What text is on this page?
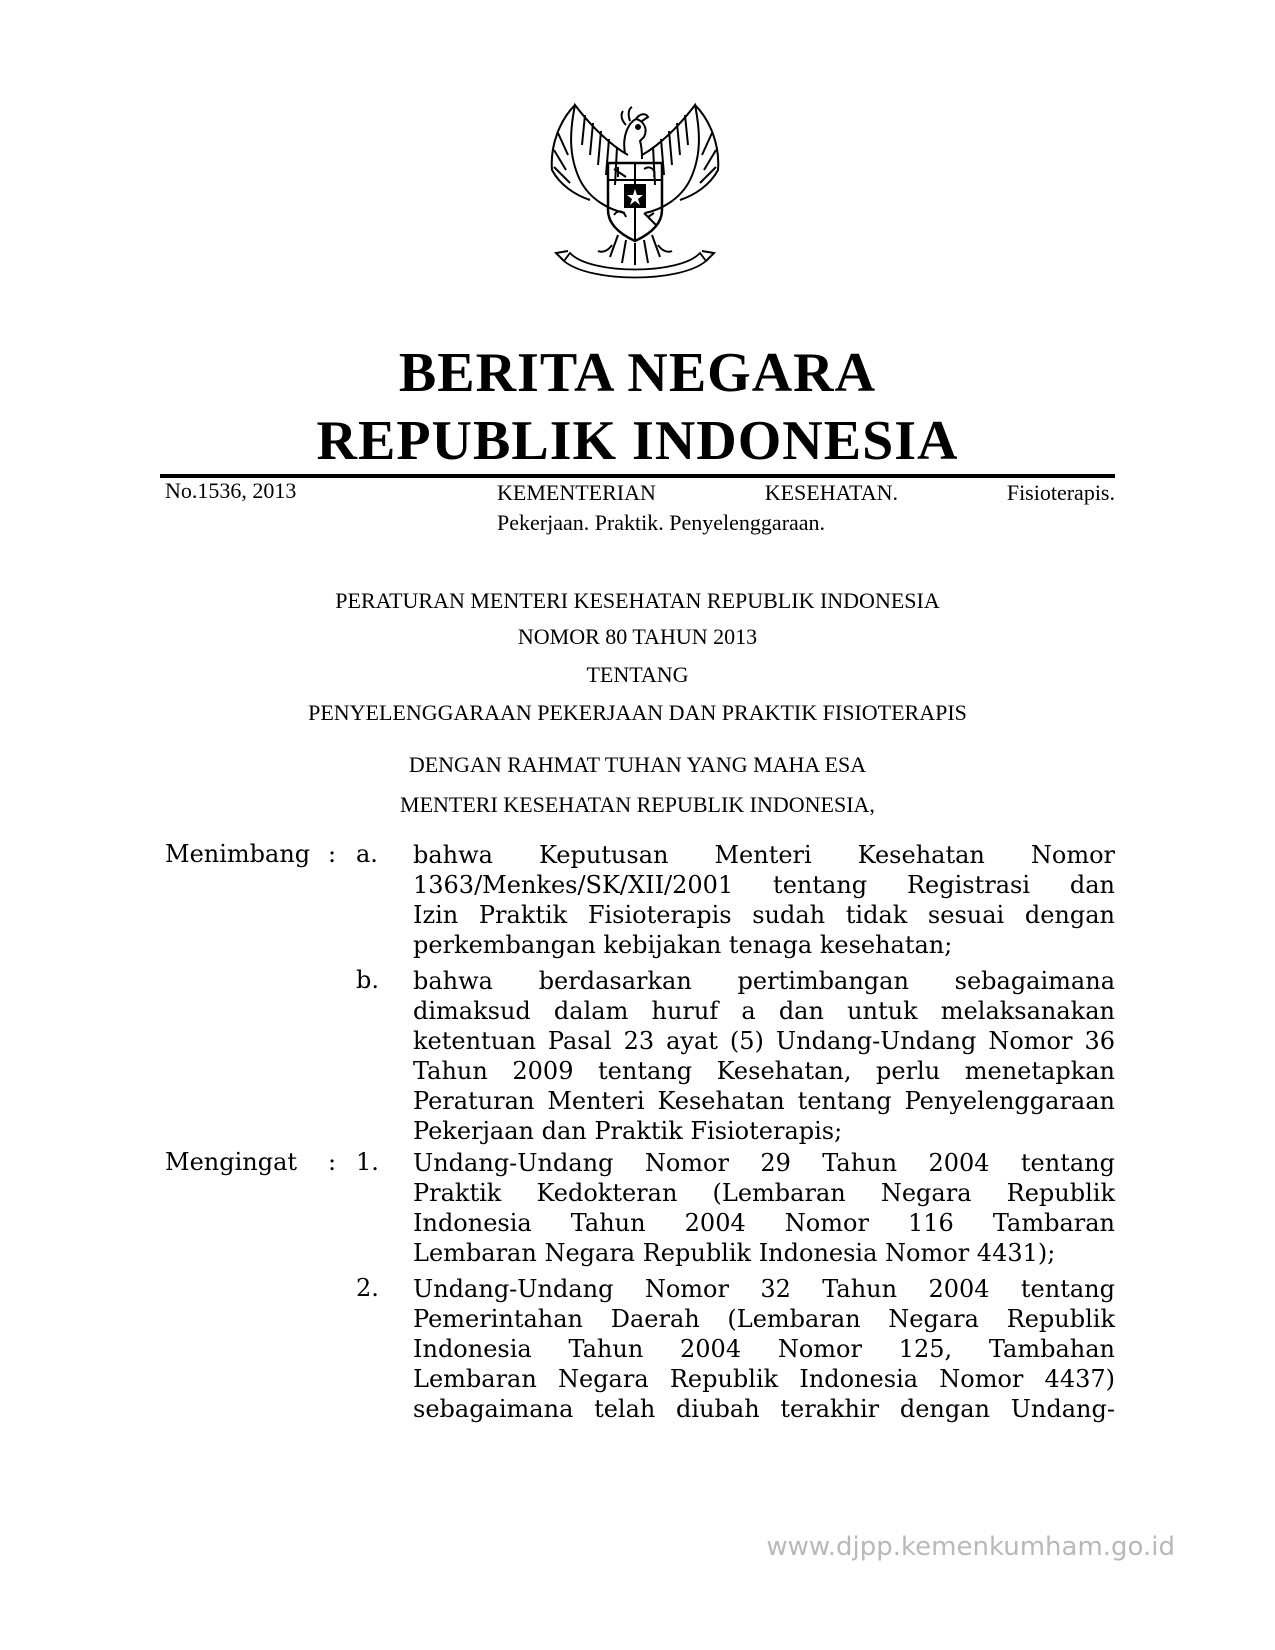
BERITA NEGARA
REPUBLIK INDONESIA
No.1536, 2013	KEMENTERIAN KESEHATAN. Fisioterapis.
Pekerjaan. Praktik. Penyelenggaraan.
PERATURAN MENTERI KESEHATAN REPUBLIK INDONESIA
NOMOR 80 TAHUN 2013
TENTANG
PENYELENGGARAAN PEKERJAAN DAN PRAKTIK FISIOTERAPIS
DENGAN RAHMAT TUHAN YANG MAHA ESA
MENTERI KESEHATAN REPUBLIK INDONESIA,
Menimbang : a. bahwa Keputusan Menteri Kesehatan Nomor
1363/Menkes/SK/XII/2001 tentang Registrasi dan
Izin Praktik Fisioterapis sudah tidak sesuai dengan
perkembangan kebijakan tenaga kesehatan;
b. bahwa berdasarkan pertimbangan sebagaimana
dimaksud dalam huruf a dan untuk melaksanakan
ketentuan Pasal 23 ayat (5) Undang-Undang Nomor 36
Tahun 2009 tentang Kesehatan, perlu menetapkan
Peraturan Menteri Kesehatan tentang Penyelenggaraan
Pekerjaan dan Praktik Fisioterapis;
Mengingat : 1. Undang-Undang Nomor 29 Tahun 2004 tentang
Praktik Kedokteran (Lembaran Negara Republik
Indonesia Tahun 2004 Nomor 116 Tambaran
Lembaran Negara Republik Indonesia Nomor 4431);
2. Undang-Undang Nomor 32 Tahun 2004 tentang
Pemerintahan Daerah (Lembaran Negara Republik
Indonesia Tahun 2004 Nomor 125, Tambahan
Lembaran Negara Republik Indonesia Nomor 4437)
sebagaimana telah diubah terakhir dengan Undang-
www.djpp.kemenkumham.go.id
